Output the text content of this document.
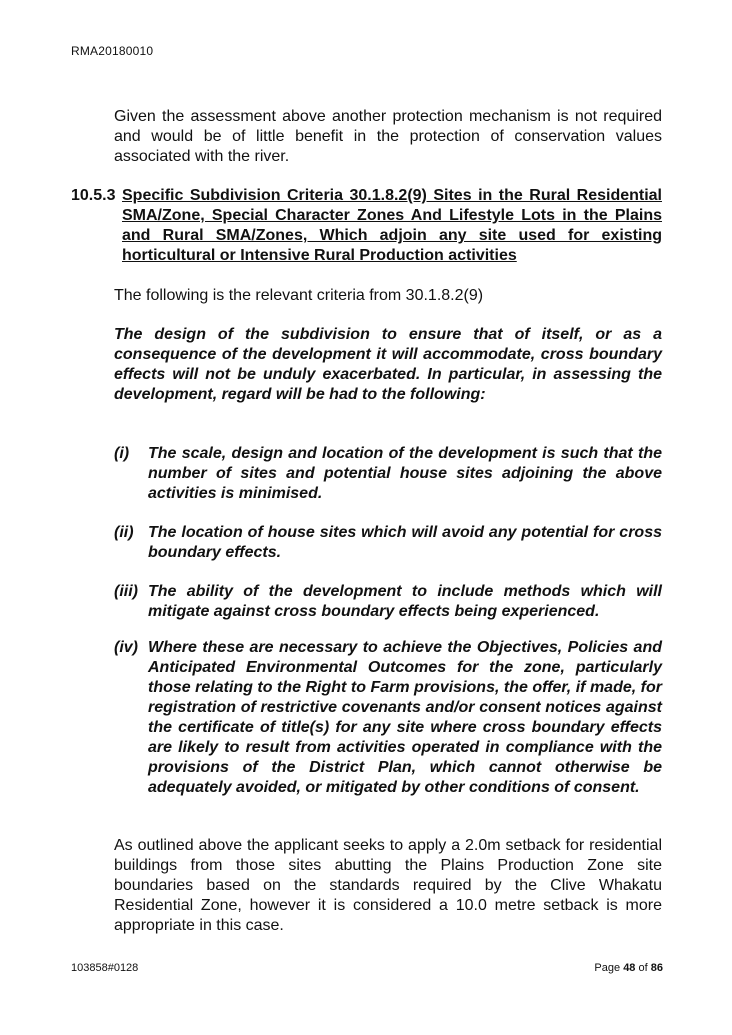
RMA20180010
Given the assessment above another protection mechanism is not required and would be of little benefit in the protection of conservation values associated with the river.
10.5.3 Specific Subdivision Criteria 30.1.8.2(9) Sites in the Rural Residential SMA/Zone, Special Character Zones And Lifestyle Lots in the Plains and Rural SMA/Zones, Which adjoin any site used for existing horticultural or Intensive Rural Production activities
The following is the relevant criteria from 30.1.8.2(9)
The design of the subdivision to ensure that of itself, or as a consequence of the development it will accommodate, cross boundary effects will not be unduly exacerbated. In particular, in assessing the development, regard will be had to the following:
(i)	The scale, design and location of the development is such that the number of sites and potential house sites adjoining the above activities is minimised.
(ii) The location of house sites which will avoid any potential for cross boundary effects.
(iii) The ability of the development to include methods which will mitigate against cross boundary effects being experienced.
(iv) Where these are necessary to achieve the Objectives, Policies and Anticipated Environmental Outcomes for the zone, particularly those relating to the Right to Farm provisions, the offer, if made, for registration of restrictive covenants and/or consent notices against the certificate of title(s) for any site where cross boundary effects are likely to result from activities operated in compliance with the provisions of the District Plan, which cannot otherwise be adequately avoided, or mitigated by other conditions of consent.
As outlined above the applicant seeks to apply a 2.0m setback for residential buildings from those sites abutting the Plains Production Zone site boundaries based on the standards required by the Clive Whakatu Residential Zone, however it is considered a 10.0 metre setback is more appropriate in this case.
103858#0128	Page 48 of 86
